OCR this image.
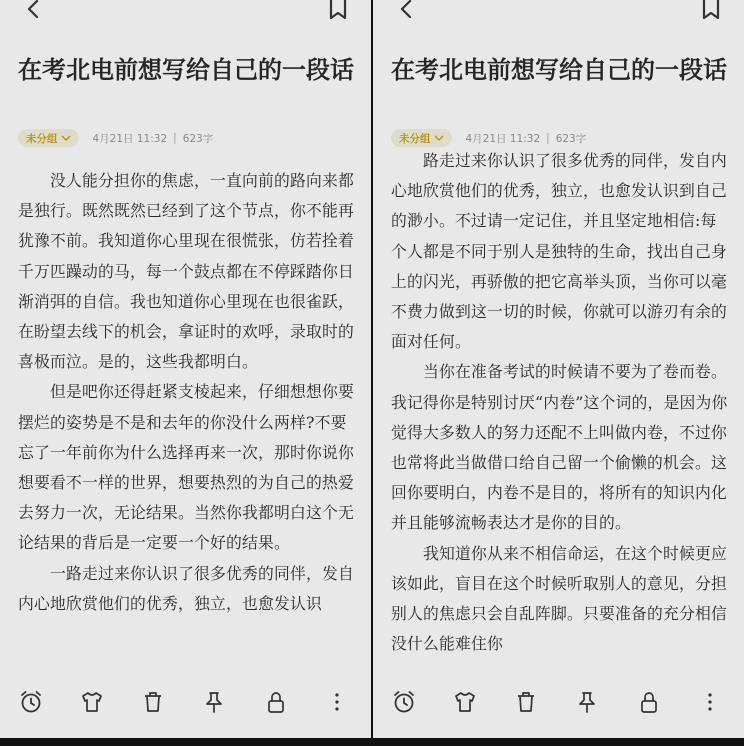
在考北电前想写给自己的一段话
未分组	4月21日 11:32 | 623字

没人能分担你的焦虑，一直向前的路向来都是独行。既然既然已经到了这个节点，你不能再犹豫不前。我知道你心里现在很慌张，仿若拴着千万匹躁动的马，每一个鼓点都在不停踩踏你日渐消弭的自信。我也知道你心里现在也很雀跃，在盼望去线下的机会，拿证时的欢呼，录取时的喜极而泣。是的，这些我都明白。

但是吧你还得赶紧支棱起来，仔细想想你要摆烂的姿势是不是和去年的你没什么两样?不要忘了一年前你为什么选择再来一次，那时你说你想要看不一样的世界，想要热烈的为自己的热爱去努力一次，无论结果。当然你我都明白这个无论结果的背后是一定要一个好的结果。

一路走过来你认识了很多优秀的同伴，发自内心地欣赏他们的优秀，独立，也愈发认识

在考北电前想写给自己的一段话
未分组	4月21日 11:32 | 623字

路走过来你认识了很多优秀的同伴，发自内心地欣赏他们的优秀，独立，也愈发认识到自己的渺小。不过请一定记住，并且坚定地相信:每个人都是不同于别人是独特的生命，找出自己身上的闪光，再骄傲的把它高举头顶，当你可以毫不费力做到这一切的时候，你就可以游刃有余的面对任何。

当你在准备考试的时候请不要为了卷而卷。我记得你是特别讨厌“内卷”这个词的，是因为你觉得大多数人的努力还配不上叫做内卷，不过你也常将此当做借口给自己留一个偷懒的机会。这回你要明白，内卷不是目的，将所有的知识内化并且能够流畅表达才是你的目的。

我知道你从来不相信命运，在这个时候更应该如此，盲目在这个时候听取别人的意见，分担别人的焦虑只会自乱阵脚。只要准备的充分相信没什么能难住你
